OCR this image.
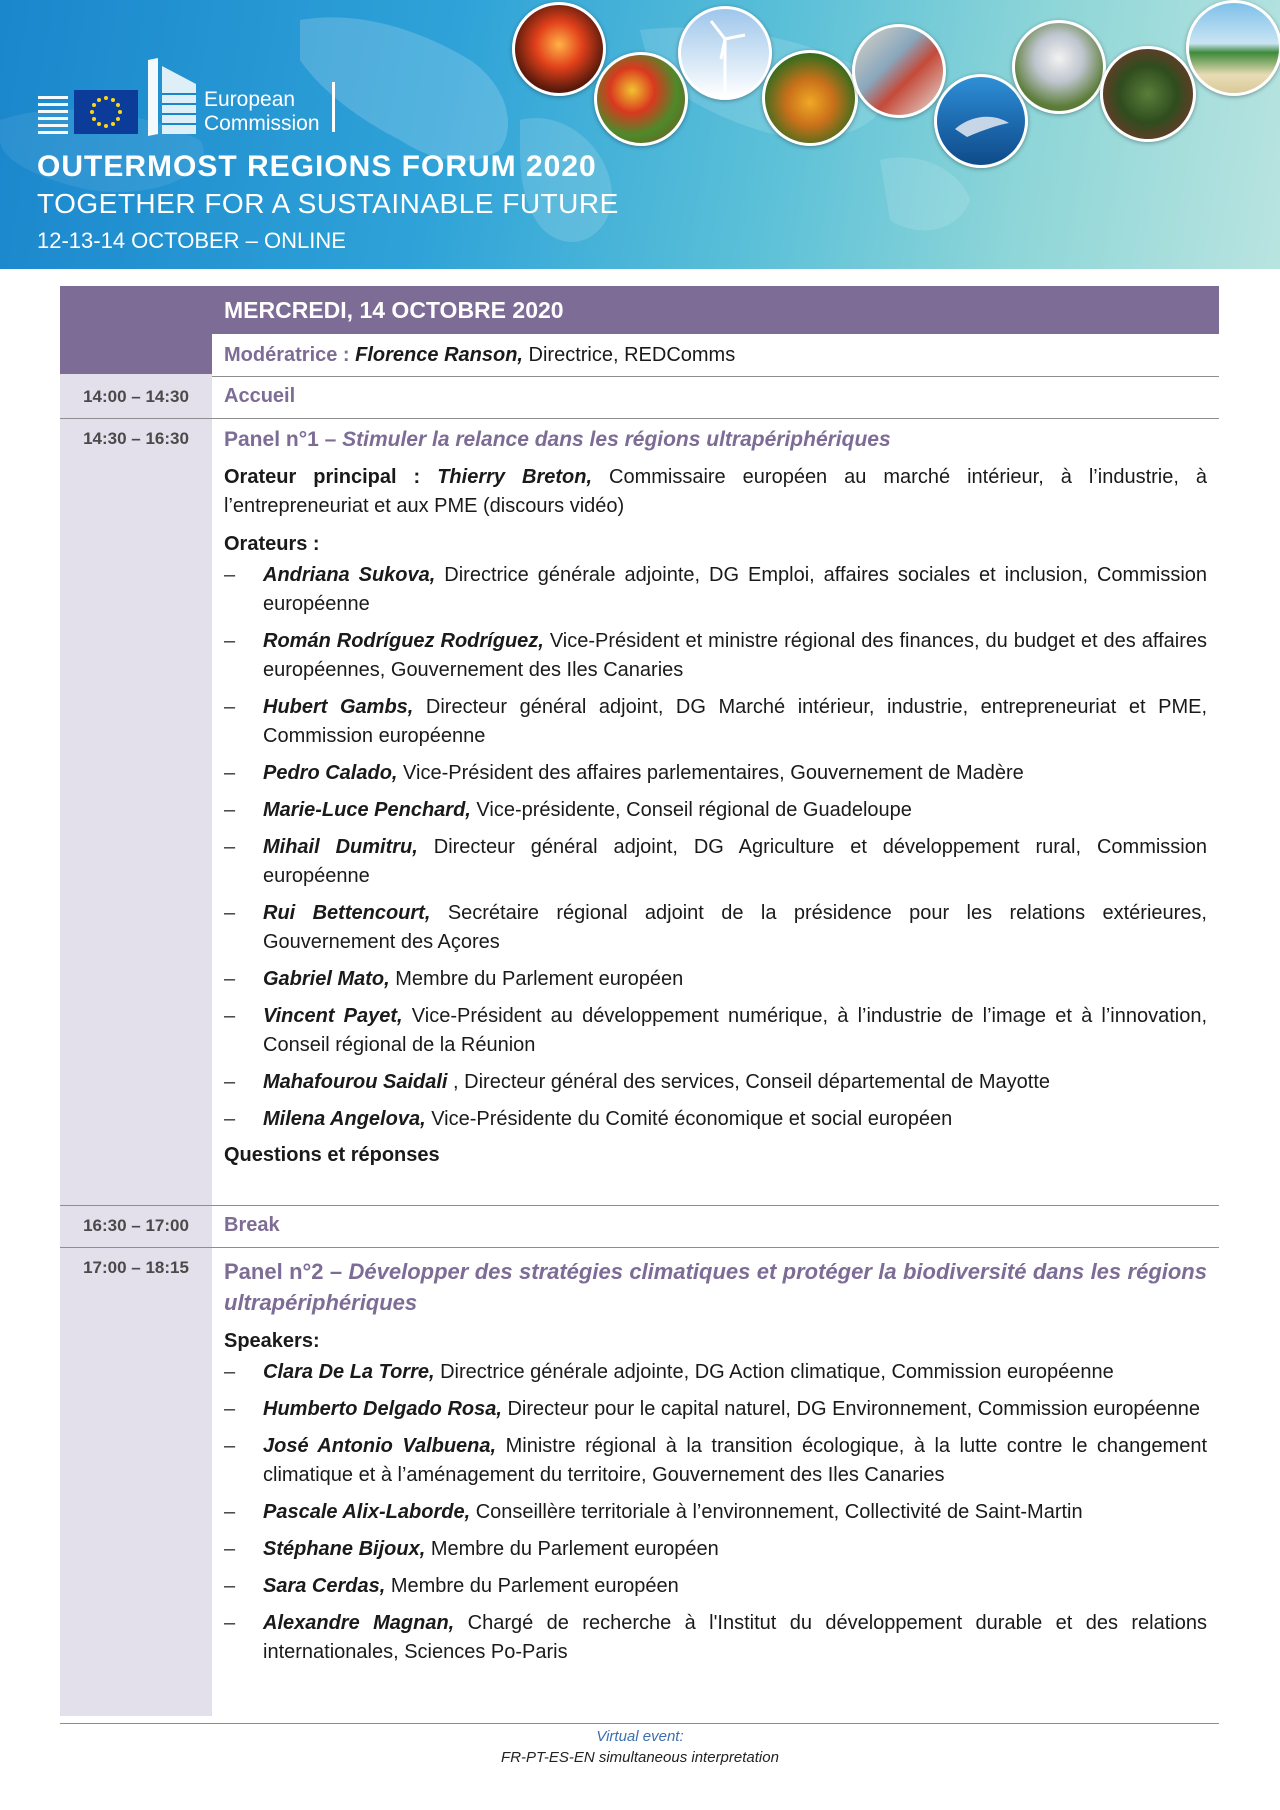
European
Commission
OUTERMOST REGIONS FORUM 2020
TOGETHER FOR A SUSTAINABLE FUTURE
12-13-14 OCTOBER – ONLINE
MERCREDI, 14 OCTOBRE 2020
Modératrice : Florence Ranson, Directrice, REDComms
14:00 – 14:30	Accueil
14:30 – 16:30	Panel n°1 – Stimuler la relance dans les régions ultrapériphériques
Orateur principal : Thierry Breton, Commissaire européen au marché intérieur, à l’industrie, à l’entrepreneuriat et aux PME (discours vidéo)
Orateurs :
– Andriana Sukova, Directrice générale adjointe, DG Emploi, affaires sociales et inclusion, Commission européenne
– Román Rodríguez Rodríguez, Vice-Président et ministre régional des finances, du budget et des affaires européennes, Gouvernement des Iles Canaries
– Hubert Gambs, Directeur général adjoint, DG Marché intérieur, industrie, entrepreneuriat et PME, Commission européenne
– Pedro Calado, Vice-Président des affaires parlementaires, Gouvernement de Madère
– Marie-Luce Penchard, Vice-présidente, Conseil régional de Guadeloupe
– Mihail Dumitru, Directeur général adjoint, DG Agriculture et développement rural, Commission européenne
– Rui Bettencourt, Secrétaire régional adjoint de la présidence pour les relations extérieures, Gouvernement des Açores
– Gabriel Mato, Membre du Parlement européen
– Vincent Payet, Vice-Président au développement numérique, à l’industrie de l’image et à l’innovation, Conseil régional de la Réunion
– Mahafourou Saidali , Directeur général des services, Conseil départemental de Mayotte
– Milena Angelova, Vice-Présidente du Comité économique et social européen
Questions et réponses
16:30 – 17:00	Break
17:00 – 18:15	Panel n°2 – Développer des stratégies climatiques et protéger la biodiversité dans les régions ultrapériphériques
Speakers:
– Clara De La Torre, Directrice générale adjointe, DG Action climatique, Commission européenne
– Humberto Delgado Rosa, Directeur pour le capital naturel, DG Environnement, Commission européenne
– José Antonio Valbuena, Ministre régional à la transition écologique, à la lutte contre le changement climatique et à l’aménagement du territoire, Gouvernement des Iles Canaries
– Pascale Alix-Laborde, Conseillère territoriale à l’environnement, Collectivité de Saint-Martin
– Stéphane Bijoux, Membre du Parlement européen
– Sara Cerdas, Membre du Parlement européen
– Alexandre Magnan, Chargé de recherche à l'Institut du développement durable et des relations internationales, Sciences Po-Paris
Virtual event:
FR-PT-ES-EN simultaneous interpretation
